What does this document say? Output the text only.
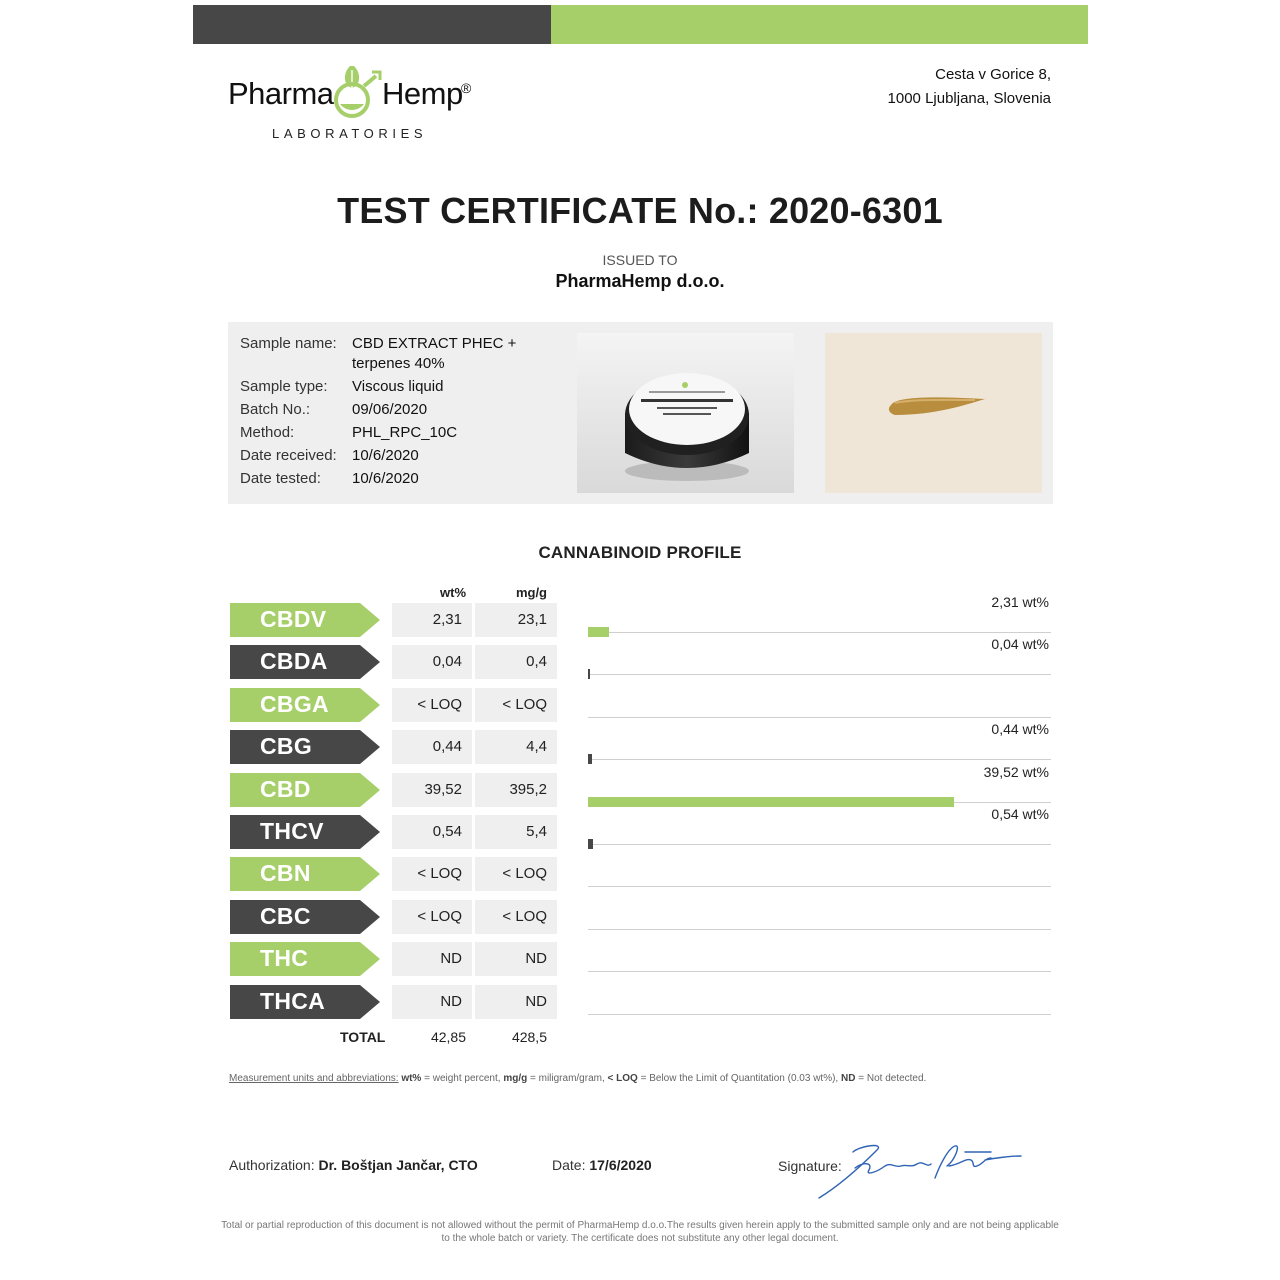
Pharma Hemp
®
LABORATORIES
Cesta v Gorice 8,
1000 Ljubljana, Slovenia
TEST CERTIFICATE No.: 2020-6301
ISSUED TO
PharmaHemp d.o.o.
Sample name:	CBD EXTRACT PHEC + terpenes 40%
Sample type:	Viscous liquid
Batch No.:	09/06/2020
Method:	PHL_RPC_10C
Date received:	10/6/2020
Date tested:	10/6/2020
CANNABINOID PROFILE
wt%	mg/g
CBDV	2,31	23,1
2,31 wt%
CBDA	0,04	0,4
0,04 wt%
CBGA	< LOQ	< LOQ
CBG	0,44	4,4
0,44 wt%
CBD	39,52	395,2
39,52 wt%
THCV	0,54	5,4
0,54 wt%
CBN	< LOQ	< LOQ
CBC	< LOQ	< LOQ
THC	ND	ND
THCA	ND	ND
TOTAL	42,85	428,5
Measurement units and abbreviations: wt% = weight percent, mg/g = miligram/gram, < LOQ = Below the Limit of Quantitation (0.03 wt%), ND = Not detected.
Authorization: Dr. Boštjan Jančar, CTO	Date: 17/6/2020	Signature:
Total or partial reproduction of this document is not allowed without the permit of PharmaHemp d.o.o.The results given herein apply to the submitted sample only and are not being applicable
to the whole batch or variety. The certificate does not substitute any other legal document.
